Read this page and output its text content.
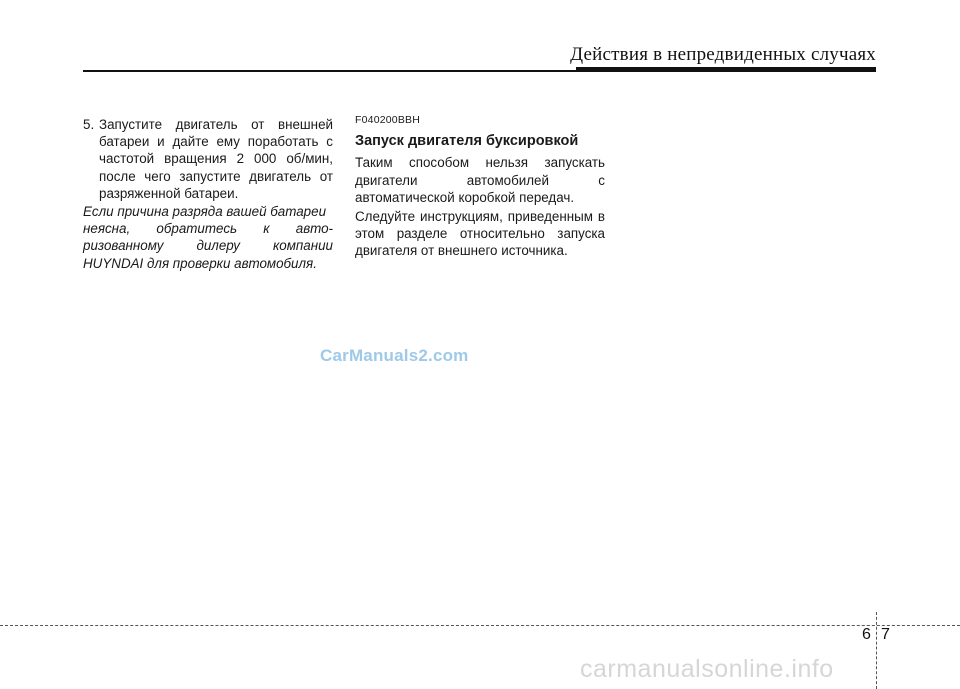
Действия в непредвиденных случаях
5. Запустите двигатель от внешней батареи и дайте ему поработать с частотой вращения 2 000 об/мин, после чего запустите двигатель от разряженной батареи.
Если причина разряда вашей батареи
неясна, обратитесь к авто-
ризованному дилеру компании
HUYNDAI для проверки автомобиля.
F040200BBH
Запуск двигателя буксировкой
Таким способом нельзя запускать двигатели автомобилей с автоматической коробкой передач.
Следуйте инструкциям, приведенным в этом разделе относительно запуска двигателя от внешнего источника.
CarManuals2.com
6 7
carmanualsonline.info
